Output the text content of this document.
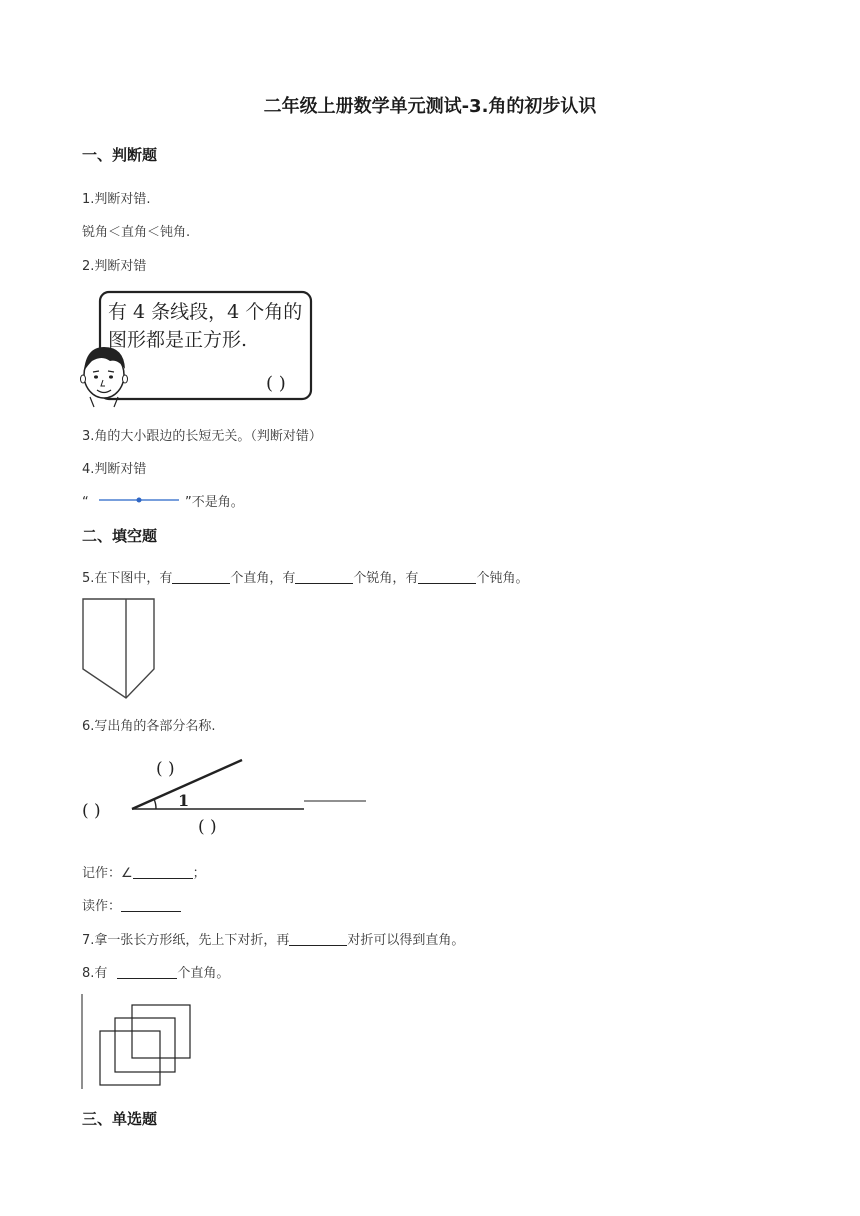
二年级上册数学单元测试-3.角的初步认识
一、判断题
1.判断对错.
锐角＜直角＜钝角.
2.判断对错
有 4 条线段，4 个角的
图形都是正方形.
( )
3.角的大小跟边的长短无关。（判断对错）
4.判断对错
“	”不是角。
二、填空题
5.在下图中，有	个直角，有	个锐角，有	个钝角。
6.写出角的各部分名称.
( )
( )
1
( )
记作：∠	；
读作：
7.拿一张长方形纸，先上下对折，再	对折可以得到直角。
8.有	个直角。
三、单选题
